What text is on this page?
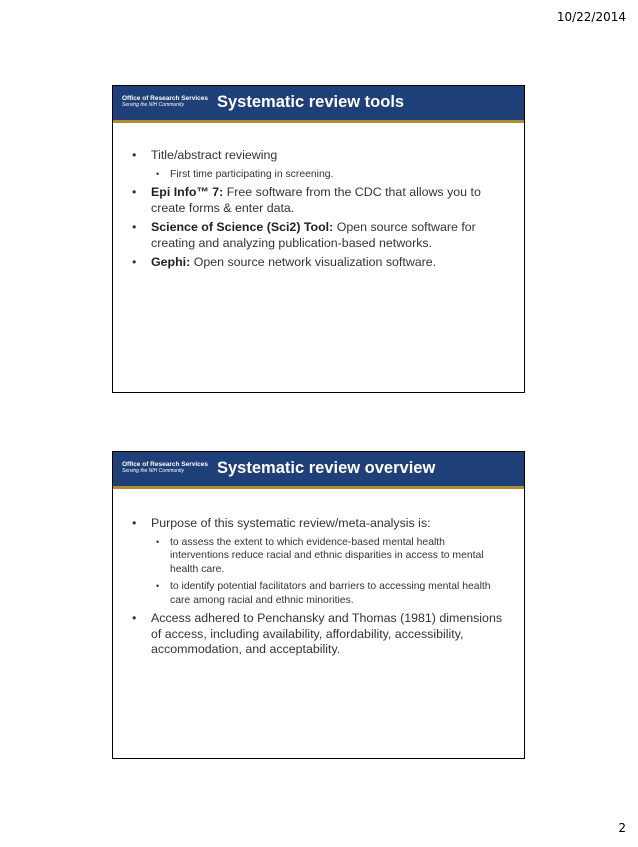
10/22/2014
Office of Research Services
Serving the NIH Community	Systematic review tools
• Title/abstract reviewing
• First time participating in screening.
• Epi Info™ 7: Free software from the CDC that allows you to create forms & enter data.
• Science of Science (Sci2) Tool: Open source software for creating and analyzing publication-based networks.
• Gephi: Open source network visualization software.
Office of Research Services
Serving the NIH Community	Systematic review overview
• Purpose of this systematic review/meta-analysis is:
• to assess the extent to which evidence-based mental health interventions reduce racial and ethnic disparities in access to mental health care.
• to identify potential facilitators and barriers to accessing mental health care among racial and ethnic minorities.
• Access adhered to Penchansky and Thomas (1981) dimensions of access, including availability, affordability, accessibility, accommodation, and acceptability.
2
